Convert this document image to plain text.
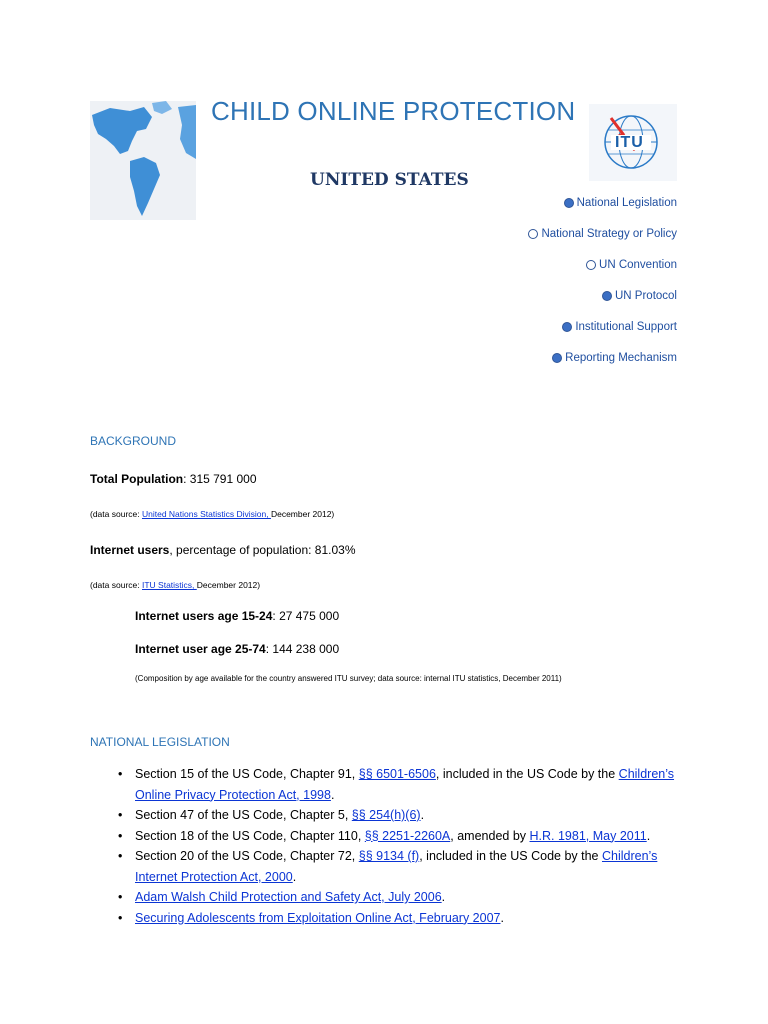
CHILD ONLINE PROTECTION
UNITED STATES
ITU
National Legislation
National Strategy or Policy
UN Convention
UN Protocol
Institutional Support
Reporting Mechanism
BACKGROUND
Total Population: 315 791 000
(data source: United Nations Statistics Division, December 2012)
Internet users, percentage of population: 81.03%
(data source: ITU Statistics, December 2012)
Internet users age 15-24: 27 475 000
Internet user age 25-74: 144 238 000
(Composition by age available for the country answered ITU survey; data source: internal ITU statistics, December 2011)
NATIONAL LEGISLATION
• Section 15 of the US Code, Chapter 91, §§ 6501-6506, included in the US Code by the Children’s Online Privacy Protection Act, 1998.
• Section 47 of the US Code, Chapter 5, §§ 254(h)(6).
• Section 18 of the US Code, Chapter 110, §§ 2251-2260A, amended by H.R. 1981, May 2011.
• Section 20 of the US Code, Chapter 72, §§ 9134 (f), included in the US Code by the Children’s Internet Protection Act, 2000.
• Adam Walsh Child Protection and Safety Act, July 2006.
• Securing Adolescents from Exploitation Online Act, February 2007.
